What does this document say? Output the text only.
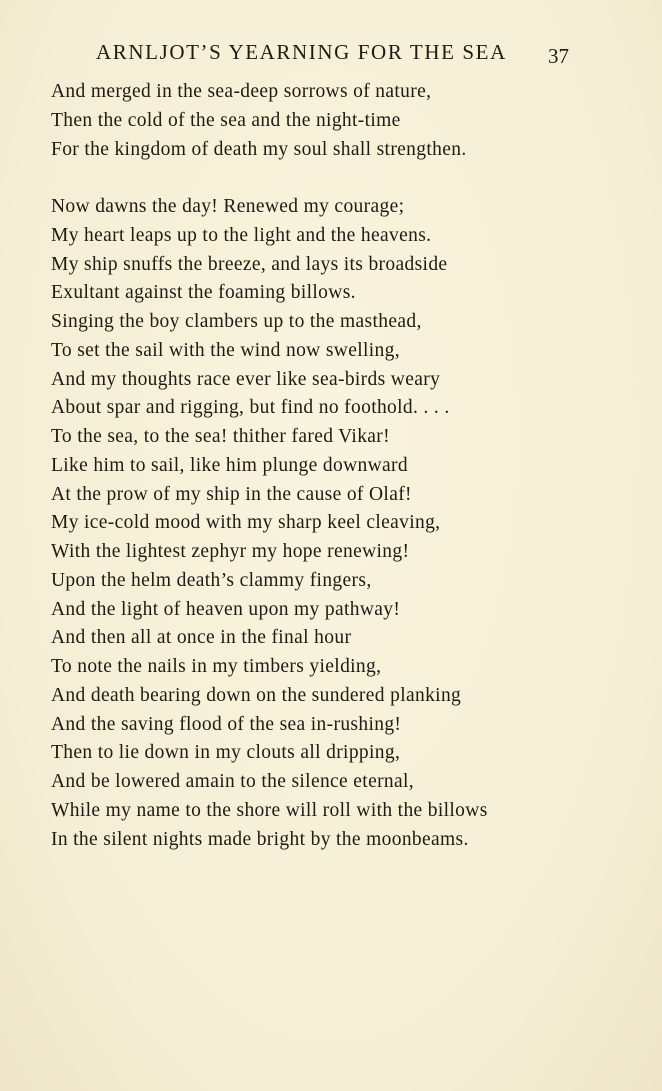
ARNLJOT’S YEARNING FOR THE SEA 37
And merged in the sea-deep sorrows of nature,
Then the cold of the sea and the night-time
For the kingdom of death my soul shall strengthen.
Now dawns the day! Renewed my courage;
My heart leaps up to the light and the heavens.
My ship snuffs the breeze, and lays its broadside
Exultant against the foaming billows.
Singing the boy clambers up to the masthead,
To set the sail with the wind now swelling,
And my thoughts race ever like sea-birds weary
About spar and rigging, but find no foothold. . . .
To the sea, to the sea! thither fared Vikar!
Like him to sail, like him plunge downward
At the prow of my ship in the cause of Olaf!
My ice-cold mood with my sharp keel cleaving,
With the lightest zephyr my hope renewing!
Upon the helm death’s clammy fingers,
And the light of heaven upon my pathway!
And then all at once in the final hour
To note the nails in my timbers yielding,
And death bearing down on the sundered planking
And the saving flood of the sea in-rushing!
Then to lie down in my clouts all dripping,
And be lowered amain to the silence eternal,
While my name to the shore will roll with the billows
In the silent nights made bright by the moonbeams.
